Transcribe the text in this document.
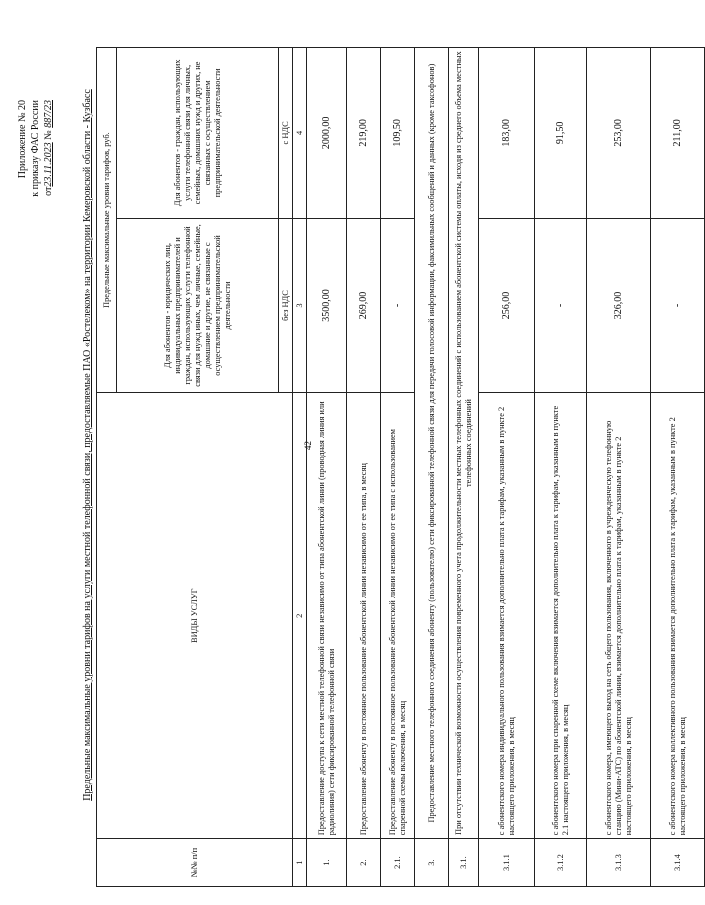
42
Приложение № 20 к приказу ФАС России от23.11.2023 № 887/23	Предельные максимальные уровни тарифов на услуги местной телефонной связи, предоставляемые ПАО «Ростелеком» на территории Кемеровской области - Кузбасс
№№ п/п	ВИДЫ УСЛУГ	Предельные максимальные уровни тарифов, руб.	
		Для абонентов - юридических лиц, индивидуальных предпринимателей и граждан, использующих услуги телефонной связи для нужд иных, чем личные, семейные, домашние и другие, не связанные с осуществлением предпринимательской деятельности	Для абонентов - граждан, использующих услуги телефонной связи для личных, семейных, домашних нужд и других, не связанных с осуществлением предпринимательской деятельности
		без НДС	с НДС
1	2	3	4
1.	Предоставление доступа к сети местной телефонной связи независимо от типа абонентской линии (проводная линия или радиолиния) сети фиксированной телефонной связи	3500,00	2000,00
2.	Предоставление абоненту в постоянное пользование абонентской линии независимо от ее типа, в месяц	269,00	219,00
2.1.	Предоставление абоненту в постоянное пользование абонентской линии независимо от ее типа с использованием спаренной схемы включения, в месяц	-	109,50
3.	Предоставление местного телефонного соединения абоненту (пользователю) сети фиксированной телефонной связи для передачи голосовой информации, факсимильных сообщений и данных (кроме таксофонов)		
3.1.	При отсутствии технической возможности осуществления повременного учета продолжительности местных телефонных соединений с использованием абонентской системы оплаты, исходя из среднего объема местных телефонных соединений		
3.1.1	с абонентского номера индивидуального пользования взимается дополнительно плата к тарифам, указанным в пункте 2 настоящего приложения, в месяц	256,00	183,00
3.1.2	с абонентского номера при спаренной схеме включения взимается дополнительно плата к тарифам, указанным в пункте 2.1 настоящего приложения, в месяц	-	91,50
3.1.3	с абонентского номера, имеющего выход на сеть общего пользования, включенного в учрежденческую телефонную станцию (Мини-АТС) по абонентской линии, взимается дополнительно плата к тарифам, указанным в пункте 2 настоящего приложения, в месяц	326,00	253,00
3.1.4	с абонентского номера коллективного пользования взимается дополнительно плата к тарифам, указанным в пункте 2 настоящего приложения, в месяц	-	211,00
